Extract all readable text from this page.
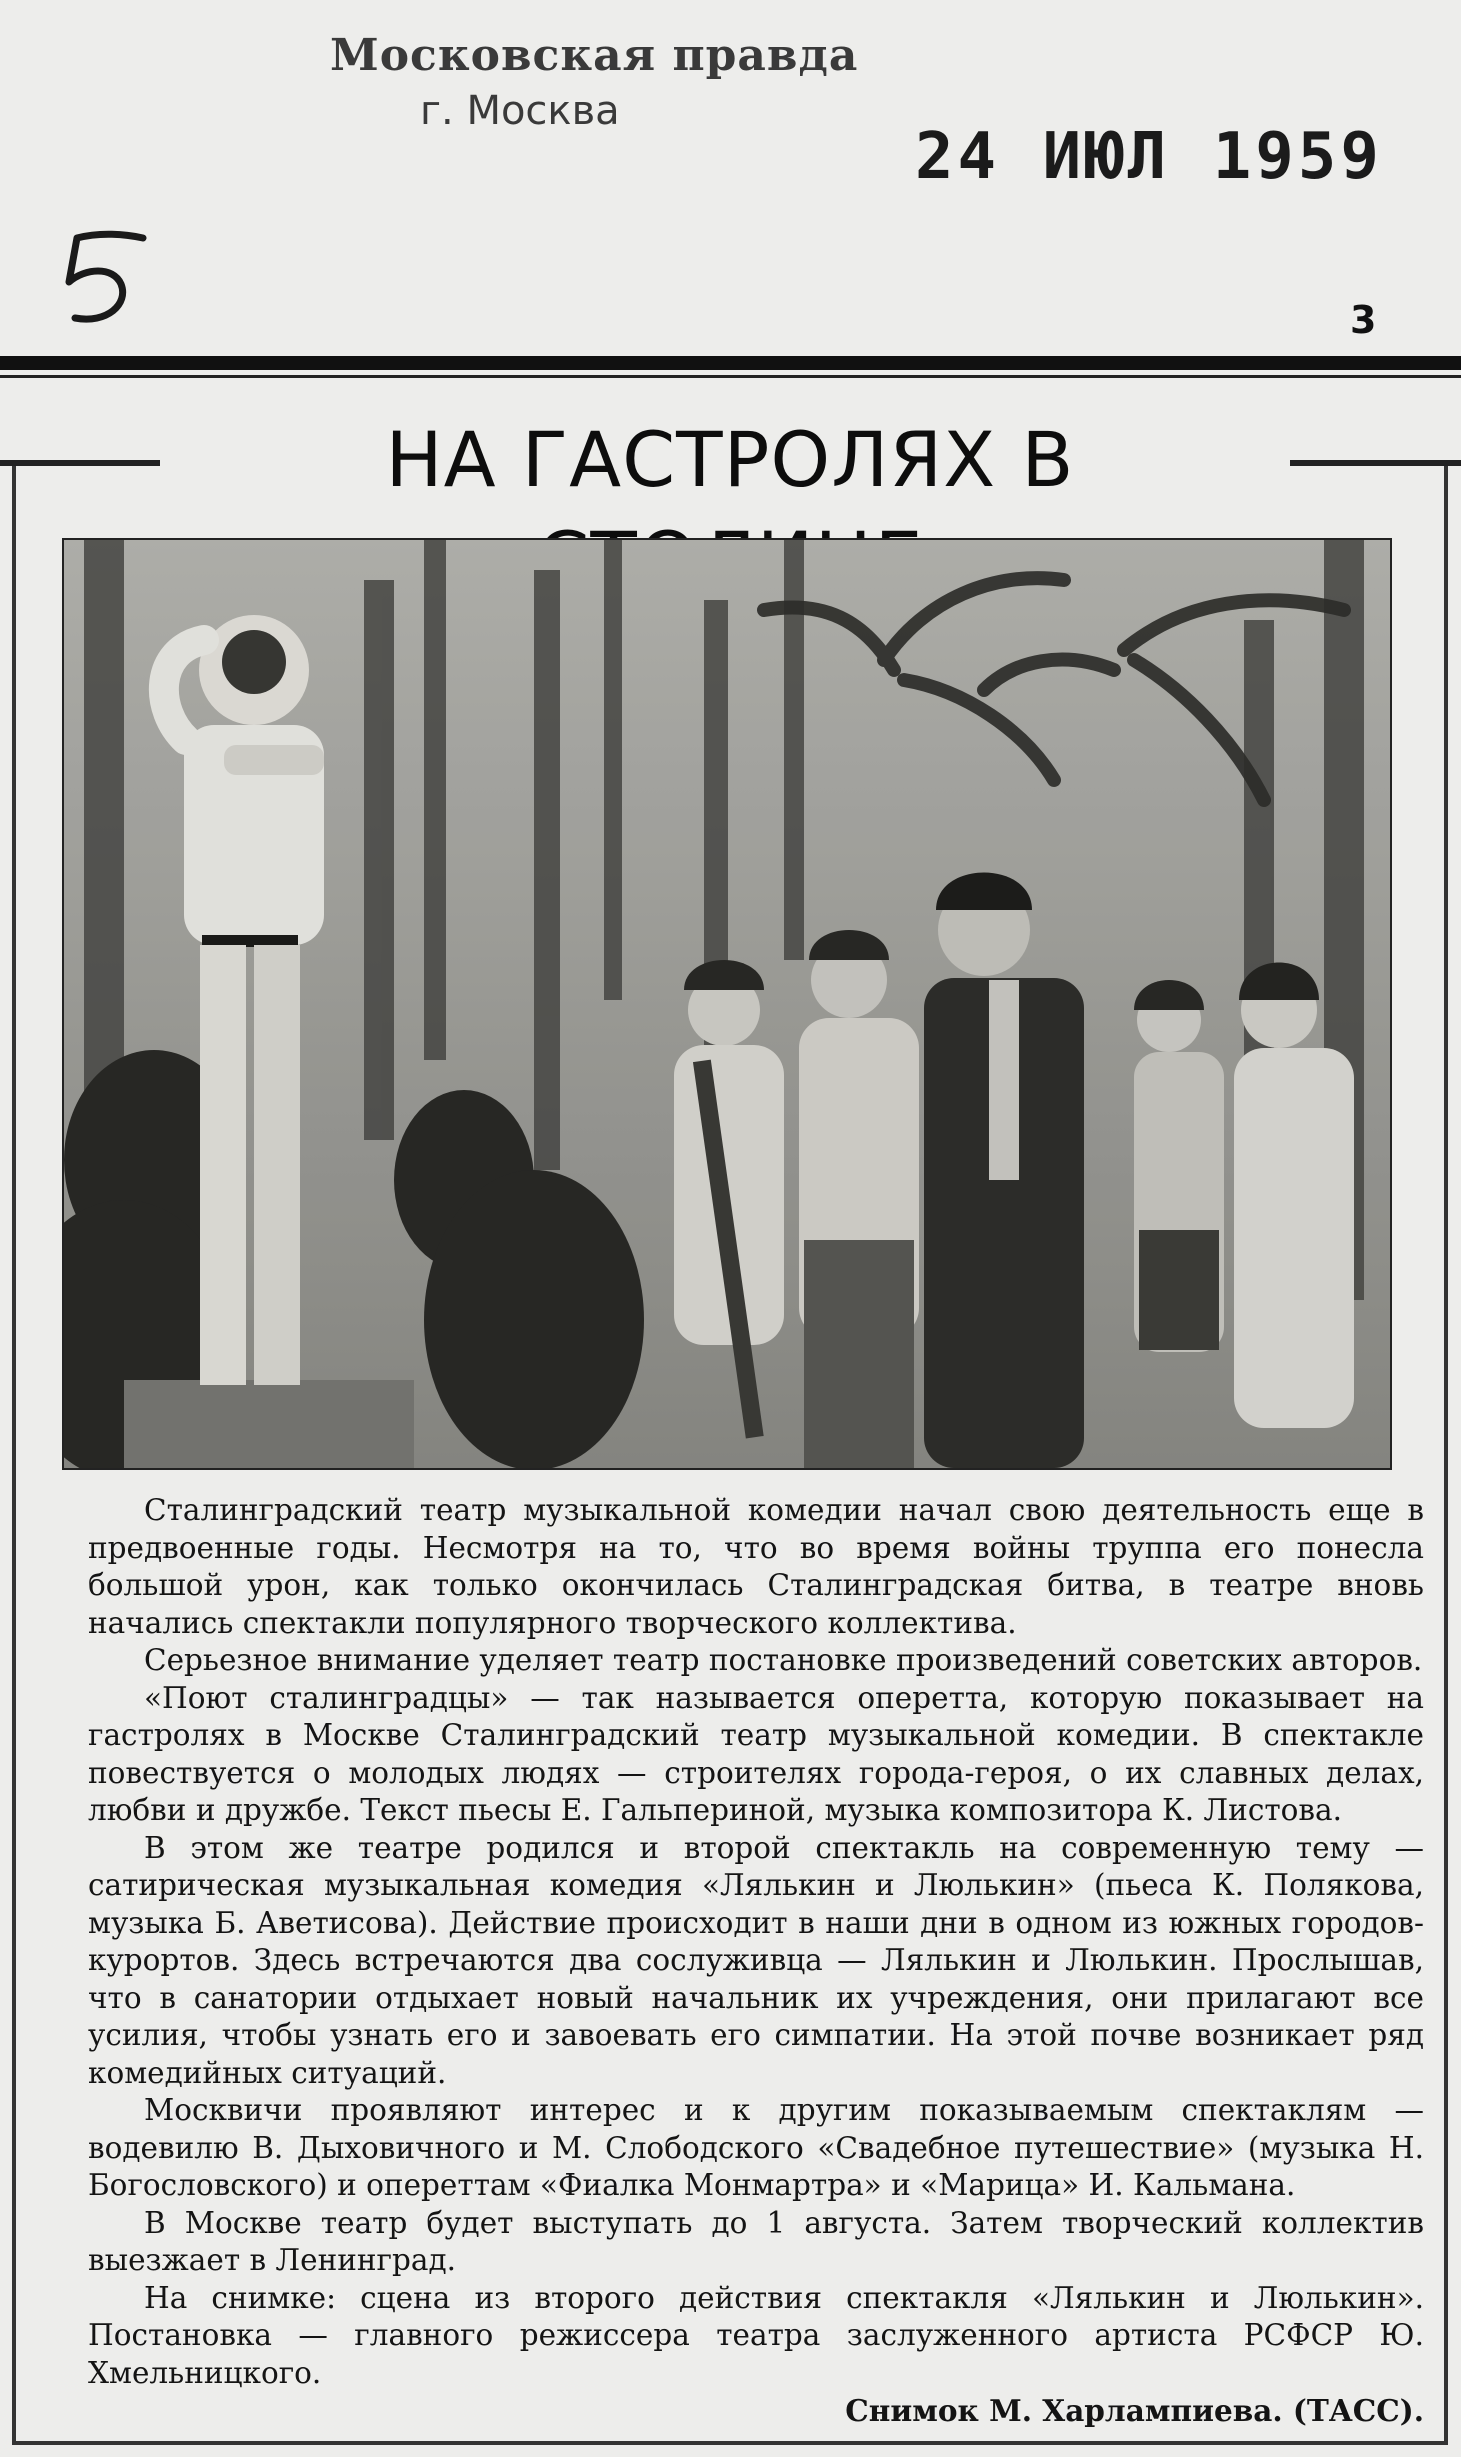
Московская правда
г. Москва
24 ИЮЛ 1959
3
НА ГАСТРОЛЯХ В

Сталинградский театр музыкальной комедии начал свою деятельность еще в предвоенные годы. Несмотря на то, что во время войны труппа его понесла большой урон, как только окончилась Сталинградская битва, в театре вновь начались спектакли популярного творческого коллектива.

Серьезное внимание уделяет театр постановке произведений советских авторов.

«Поют сталинградцы» — так называется оперетта, которую показывает на гастролях в Москве Сталинградский театр музыкальной комедии. В спектакле повествуется о молодых людях — строителях города-героя, о их славных делах, любви и дружбе. Текст пьесы Е. Гальпериной, музыка композитора К. Листова.

В этом же театре родился и второй спектакль на современную тему — сатирическая музыкальная комедия «Лялькин и Люлькин» (пьеса К. Полякова, музыка Б. Аветисова). Действие происходит в наши дни в одном из южных городов-курортов. Здесь встречаются два сослуживца — Лялькин и Люлькин. Прослышав, что в санатории отдыхает новый начальник их учреждения, они прилагают все усилия, чтобы узнать его и завоевать его симпатии. На этой почве возникает ряд комедийных ситуаций.

Москвичи проявляют интерес и к другим показываемым спектаклям — водевилю В. Дыховичного и М. Слободского «Свадебное путешествие» (музыка Н. Богословского) и опереттам «Фиалка Монмартра» и «Марица» И. Кальмана.

В Москве театр будет выступать до 1 августа. Затем творческий коллектив выезжает в Ленинград.

На снимке: сцена из второго действия спектакля «Лялькин и Люлькин». Постановка — главного режиссера театра заслуженного артиста РСФСР Ю. Хмельницкого.

Снимок М. Харлампиева. (ТАСС).
